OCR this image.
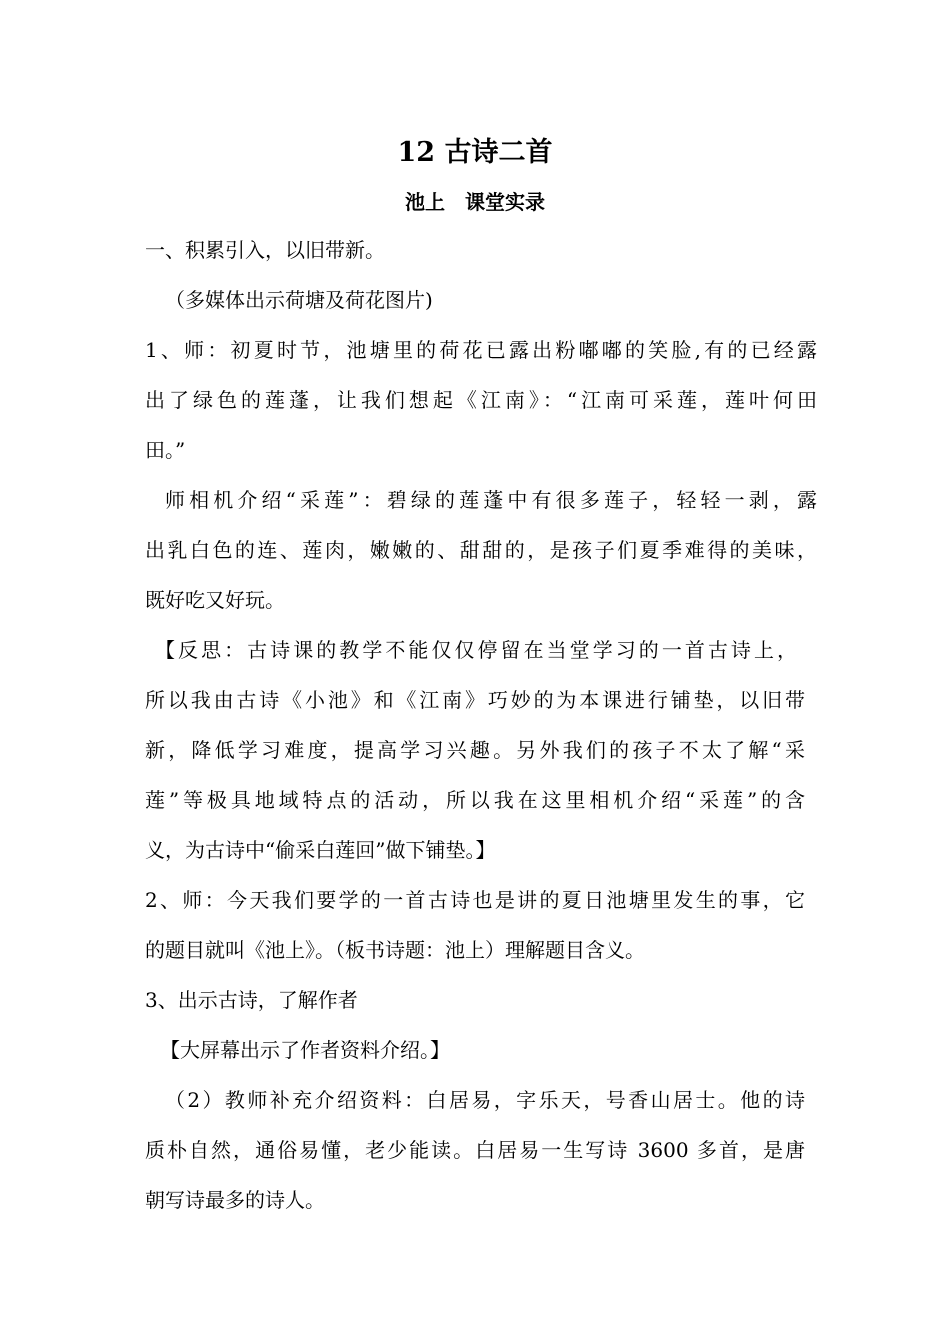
12 古诗二首
池上　课堂实录
一、积累引入，以旧带新。
（多媒体出示荷塘及荷花图片)
1、师：初夏时节，池塘里的荷花已露出粉嘟嘟的笑脸,有的已经露
出了绿色的莲蓬，让我们想起《江南》：“江南可采莲，莲叶何田
田。”
师相机介绍“采莲”：碧绿的莲蓬中有很多莲子，轻轻一剥，露
出乳白色的连、莲肉，嫩嫩的、甜甜的，是孩子们夏季难得的美味，
既好吃又好玩。
【反思：古诗课的教学不能仅仅停留在当堂学习的一首古诗上，
所以我由古诗《小池》和《江南》巧妙的为本课进行铺垫，以旧带
新，降低学习难度，提高学习兴趣。另外我们的孩子不太了解“采
莲”等极具地域特点的活动，所以我在这里相机介绍“采莲”的含
义，为古诗中“偷采白莲回”做下铺垫。】
2、师：今天我们要学的一首古诗也是讲的夏日池塘里发生的事，它
的题目就叫《池上》。（板书诗题：池上）理解题目含义。
3、出示古诗，了解作者
【大屏幕出示了作者资料介绍。】
（2）教师补充介绍资料：白居易，字乐天，号香山居士。他的诗
质朴自然，通俗易懂，老少能读。白居易一生写诗 3600 多首，是唐
朝写诗最多的诗人。
